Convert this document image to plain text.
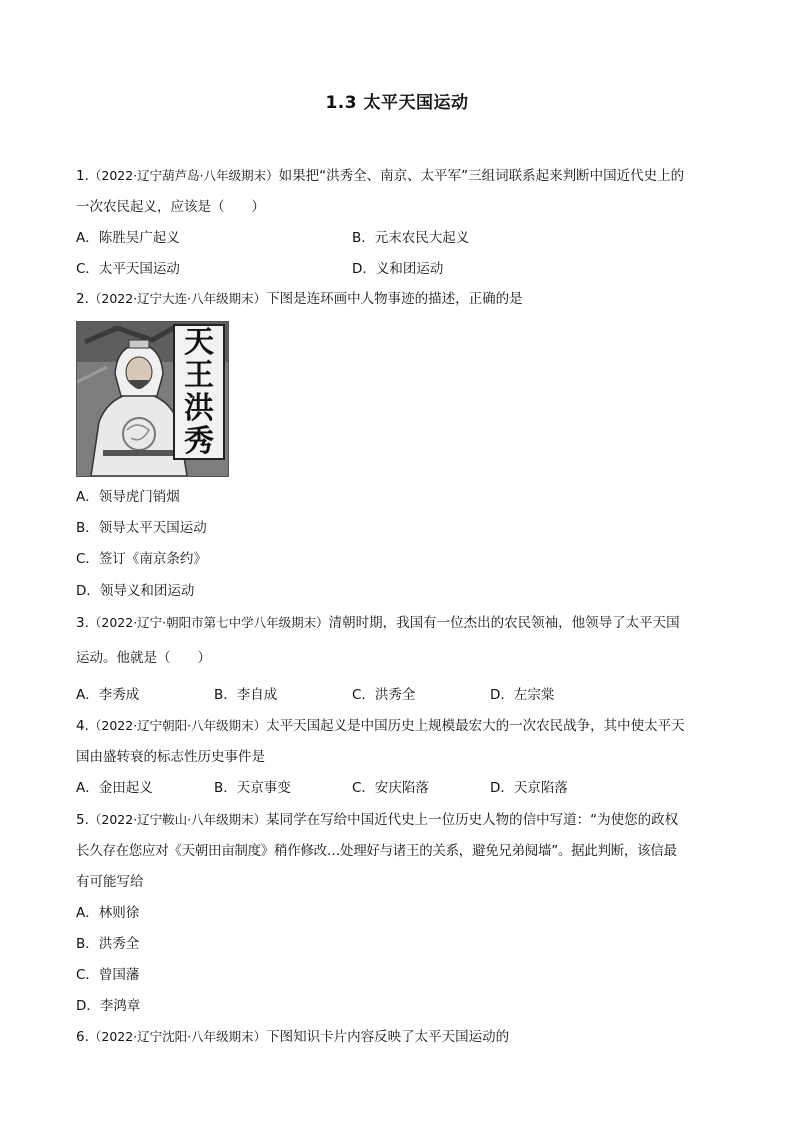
1.3 太平天国运动
1.（2022·辽宁葫芦岛·八年级期末）如果把“洪秀全、南京、太平军”三组词联系起来判断中国近代史上的
一次农民起义，应该是（　　）
A．陈胜吴广起义	B．元末农民大起义
C．太平天国运动	D．义和团运动
2.（2022·辽宁大连·八年级期末）下图是连环画中人物事迹的描述，正确的是
天
王
洪
秀
A．领导虎门销烟
B．领导太平天国运动
C．签订《南京条约》
D．领导义和团运动
3.（2022·辽宁·朝阳市第七中学八年级期末）清朝时期，我国有一位杰出的农民领袖，他领导了太平天国
运动。他就是（　　）
A．李秀成	B．李自成	C．洪秀全	D．左宗棠
4.（2022·辽宁朝阳·八年级期末）太平天国起义是中国历史上规模最宏大的一次农民战争，其中使太平天
国由盛转衰的标志性历史事件是
A．金田起义	B．天京事变	C．安庆陷落	D．天京陷落
5.（2022·辽宁鞍山·八年级期末）某同学在写给中国近代史上一位历史人物的信中写道：“为使您的政权
长久存在您应对《天朝田亩制度》稍作修改…处理好与诸王的关系，避免兄弟阋墙”。据此判断，该信最
有可能写给
A．林则徐
B．洪秀全
C．曾国藩
D．李鸿章
6.（2022·辽宁沈阳·八年级期末）下图知识卡片内容反映了太平天国运动的
